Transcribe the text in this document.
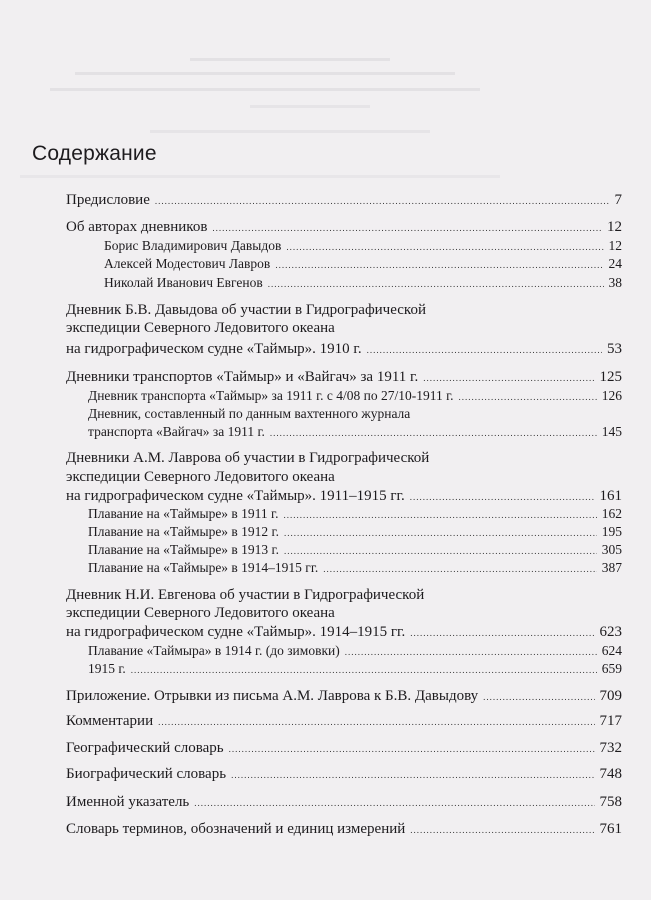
Содержание
Предисловие .....	7
Об авторах дневников .....	12
Борис Владимирович Давыдов .....	12
Алексей Модестович Лавров .....	24
Николай Иванович Евгенов .....	38
Дневник Б.В. Давыдова об участии в Гидрографической
экспедиции Северного Ледовитого океана
на гидрографическом судне «Таймыр». 1910 г. .....	53
Дневники транспортов «Таймыр» и «Вайгач» за 1911 г. .....	125
Дневник транспорта «Таймыр» за 1911 г. с 4/08 по 27/10-1911 г. .....	126
Дневник, составленный по данным вахтенного журнала
транспорта «Вайгач» за 1911 г. .....	145
Дневники А.М. Лаврова об участии в Гидрографической
экспедиции Северного Ледовитого океана
на гидрографическом судне «Таймыр». 1911–1915 гг. .....	161
Плавание на «Таймыре» в 1911 г. .....	162
Плавание на «Таймыре» в 1912 г. .....	195
Плавание на «Таймыре» в 1913 г. .....	305
Плавание на «Таймыре» в 1914–1915 гг. .....	387
Дневник Н.И. Евгенова об участии в Гидрографической
экспедиции Северного Ледовитого океана
на гидрографическом судне «Таймыр». 1914–1915 гг. .....	623
Плавание «Таймыра» в 1914 г. (до зимовки) .....	624
1915 г. .....	659
Приложение. Отрывки из письма А.М. Лаврова к Б.В. Давыдову .....	709
Комментарии .....	717
Географический словарь .....	732
Биографический словарь .....	748
Именной указатель .....	758
Словарь терминов, обозначений и единиц измерений .....	761
